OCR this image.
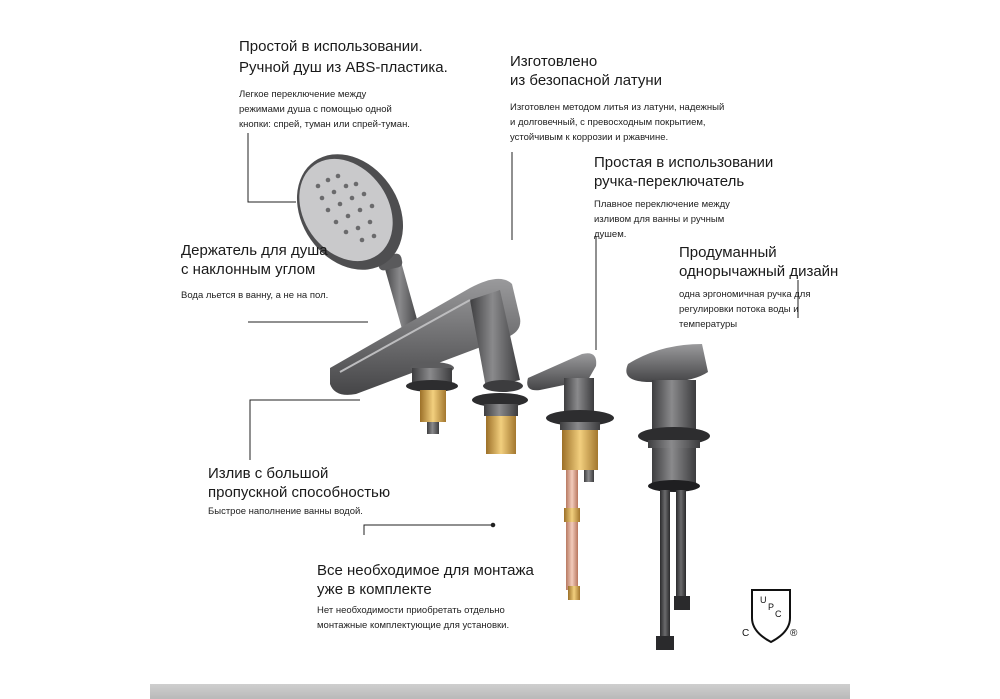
U
P
C
C	®

Простой в использовании.

Ручной душ из ABS-пластика.

Легкое переключение между

режимами душа с помощью одной

кнопки: спрей, туман или спрей-туман.

Изготовлено

из безопасной латуни

Изготовлен методом литья из латуни, надежный

и долговечный, с превосходным покрытием,

устойчивым к коррозии и ржавчине.

Простая в использовании

ручка-переключатель

Плавное переключение между

изливом для ванны и ручным

душем.

Держатель для душа

с наклонным углом

Вода льется в ванну, а не на пол.

Продуманный

однорычажный дизайн

одна эргономичная ручка для

регулировки потока воды и

температуры

Излив с большой

пропускной способностью

Быстрое наполнение ванны водой.

Все необходимое для монтажа

уже в комплекте

Нет необходимости приобретать отдельно

монтажные комплектующие для установки.
